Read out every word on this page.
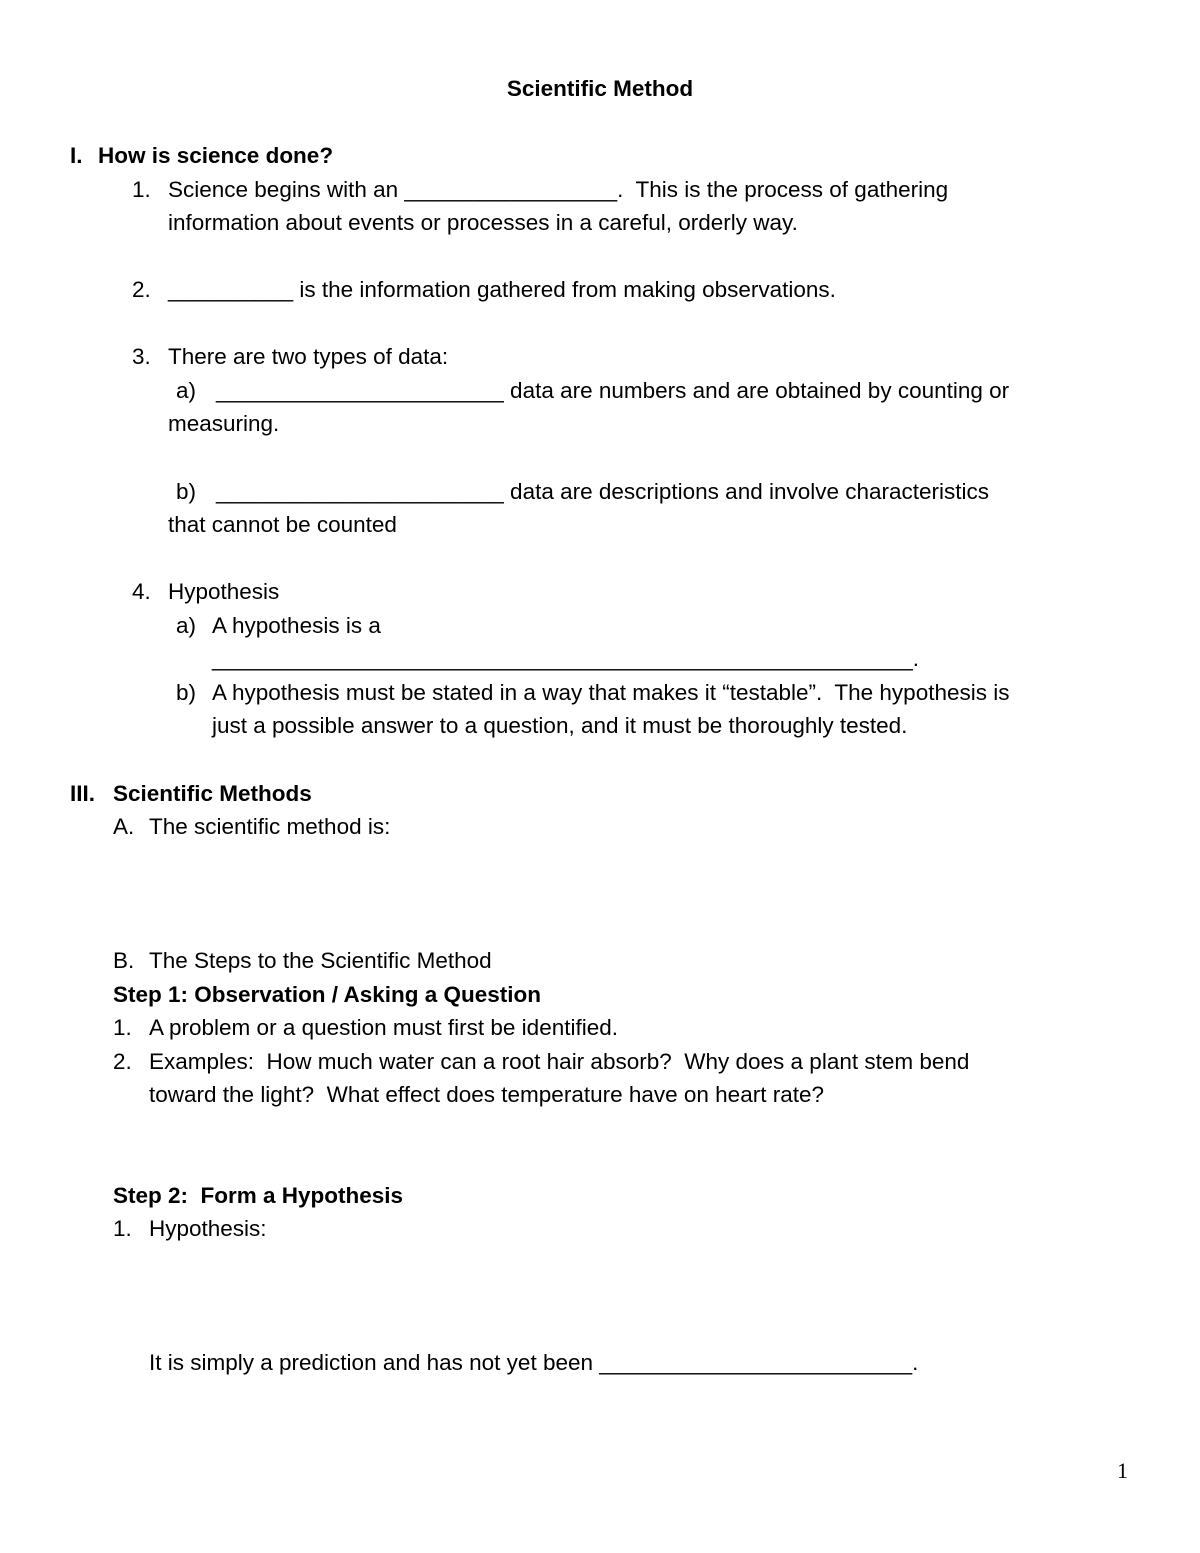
Scientific Method
I. How is science done?
1. Science begins with an _________________.  This is the process of gathering
information about events or processes in a careful, orderly way.
2. __________ is the information gathered from making observations.
3. There are two types of data:
a) _______________________ data are numbers and are obtained by counting or
measuring.
b) _______________________ data are descriptions and involve characteristics
that cannot be counted
4. Hypothesis
a) A hypothesis is a
________________________________________________________.
b) A hypothesis must be stated in a way that makes it “testable”.  The hypothesis is
just a possible answer to a question, and it must be thoroughly tested.
III. Scientific Methods
A. The scientific method is:
B. The Steps to the Scientific Method
Step 1: Observation / Asking a Question
1. A problem or a question must first be identified.
2. Examples:  How much water can a root hair absorb?  Why does a plant stem bend
toward the light?  What effect does temperature have on heart rate?
Step 2:  Form a Hypothesis
1. Hypothesis:
It is simply a prediction and has not yet been _________________________.
1
